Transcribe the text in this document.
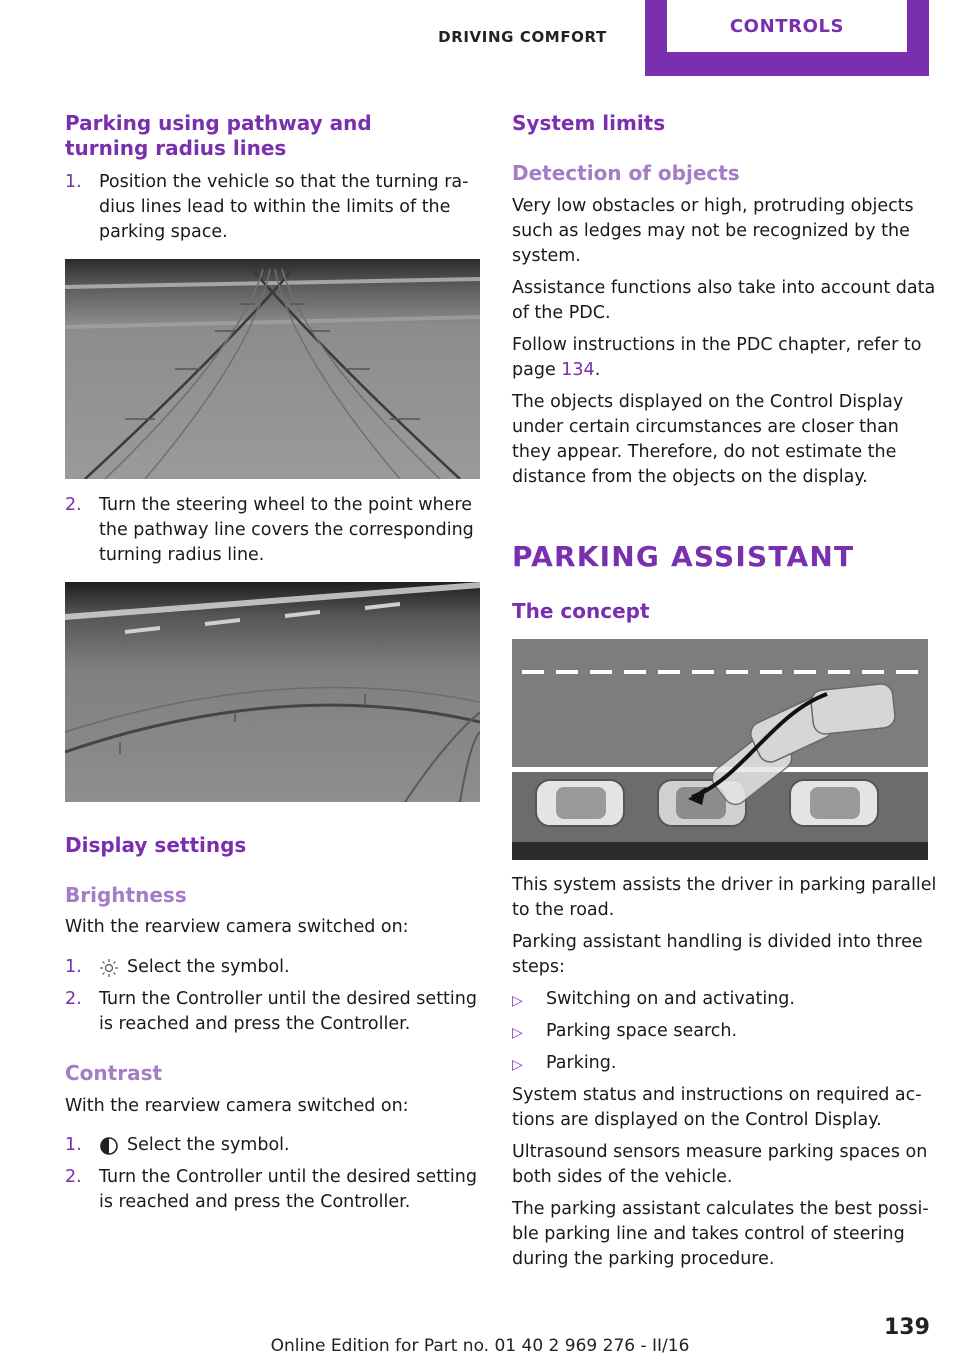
DRIVING COMFORT
CONTROLS
Parking using pathway and turning radius lines
1. Position the vehicle so that the turning ra‐
dius lines lead to within the limits of the
parking space.
2. Turn the steering wheel to the point where
the pathway line covers the corresponding
turning radius line.
Display settings
Brightness
With the rearview camera switched on:
1.	Select the symbol.
2. Turn the Controller until the desired setting
is reached and press the Controller.
Contrast
With the rearview camera switched on:
1.	Select the symbol.
2. Turn the Controller until the desired setting
is reached and press the Controller.
System limits
Detection of objects
Very low obstacles or high, protruding objects
such as ledges may not be recognized by the
system.
Assistance functions also take into account data
of the PDC.
Follow instructions in the PDC chapter, refer to
page 134.
The objects displayed on the Control Display
under certain circumstances are closer than
they appear. Therefore, do not estimate the
distance from the objects on the display.
PARKING ASSISTANT
The concept
This system assists the driver in parking parallel
to the road.
Parking assistant handling is divided into three
steps:
▷ Switching on and activating.
▷ Parking space search.
▷ Parking.
System status and instructions on required ac‐
tions are displayed on the Control Display.
Ultrasound sensors measure parking spaces on
both sides of the vehicle.
The parking assistant calculates the best possi‐
ble parking line and takes control of steering
during the parking procedure.
139
Online Edition for Part no. 01 40 2 969 276 - II/16
